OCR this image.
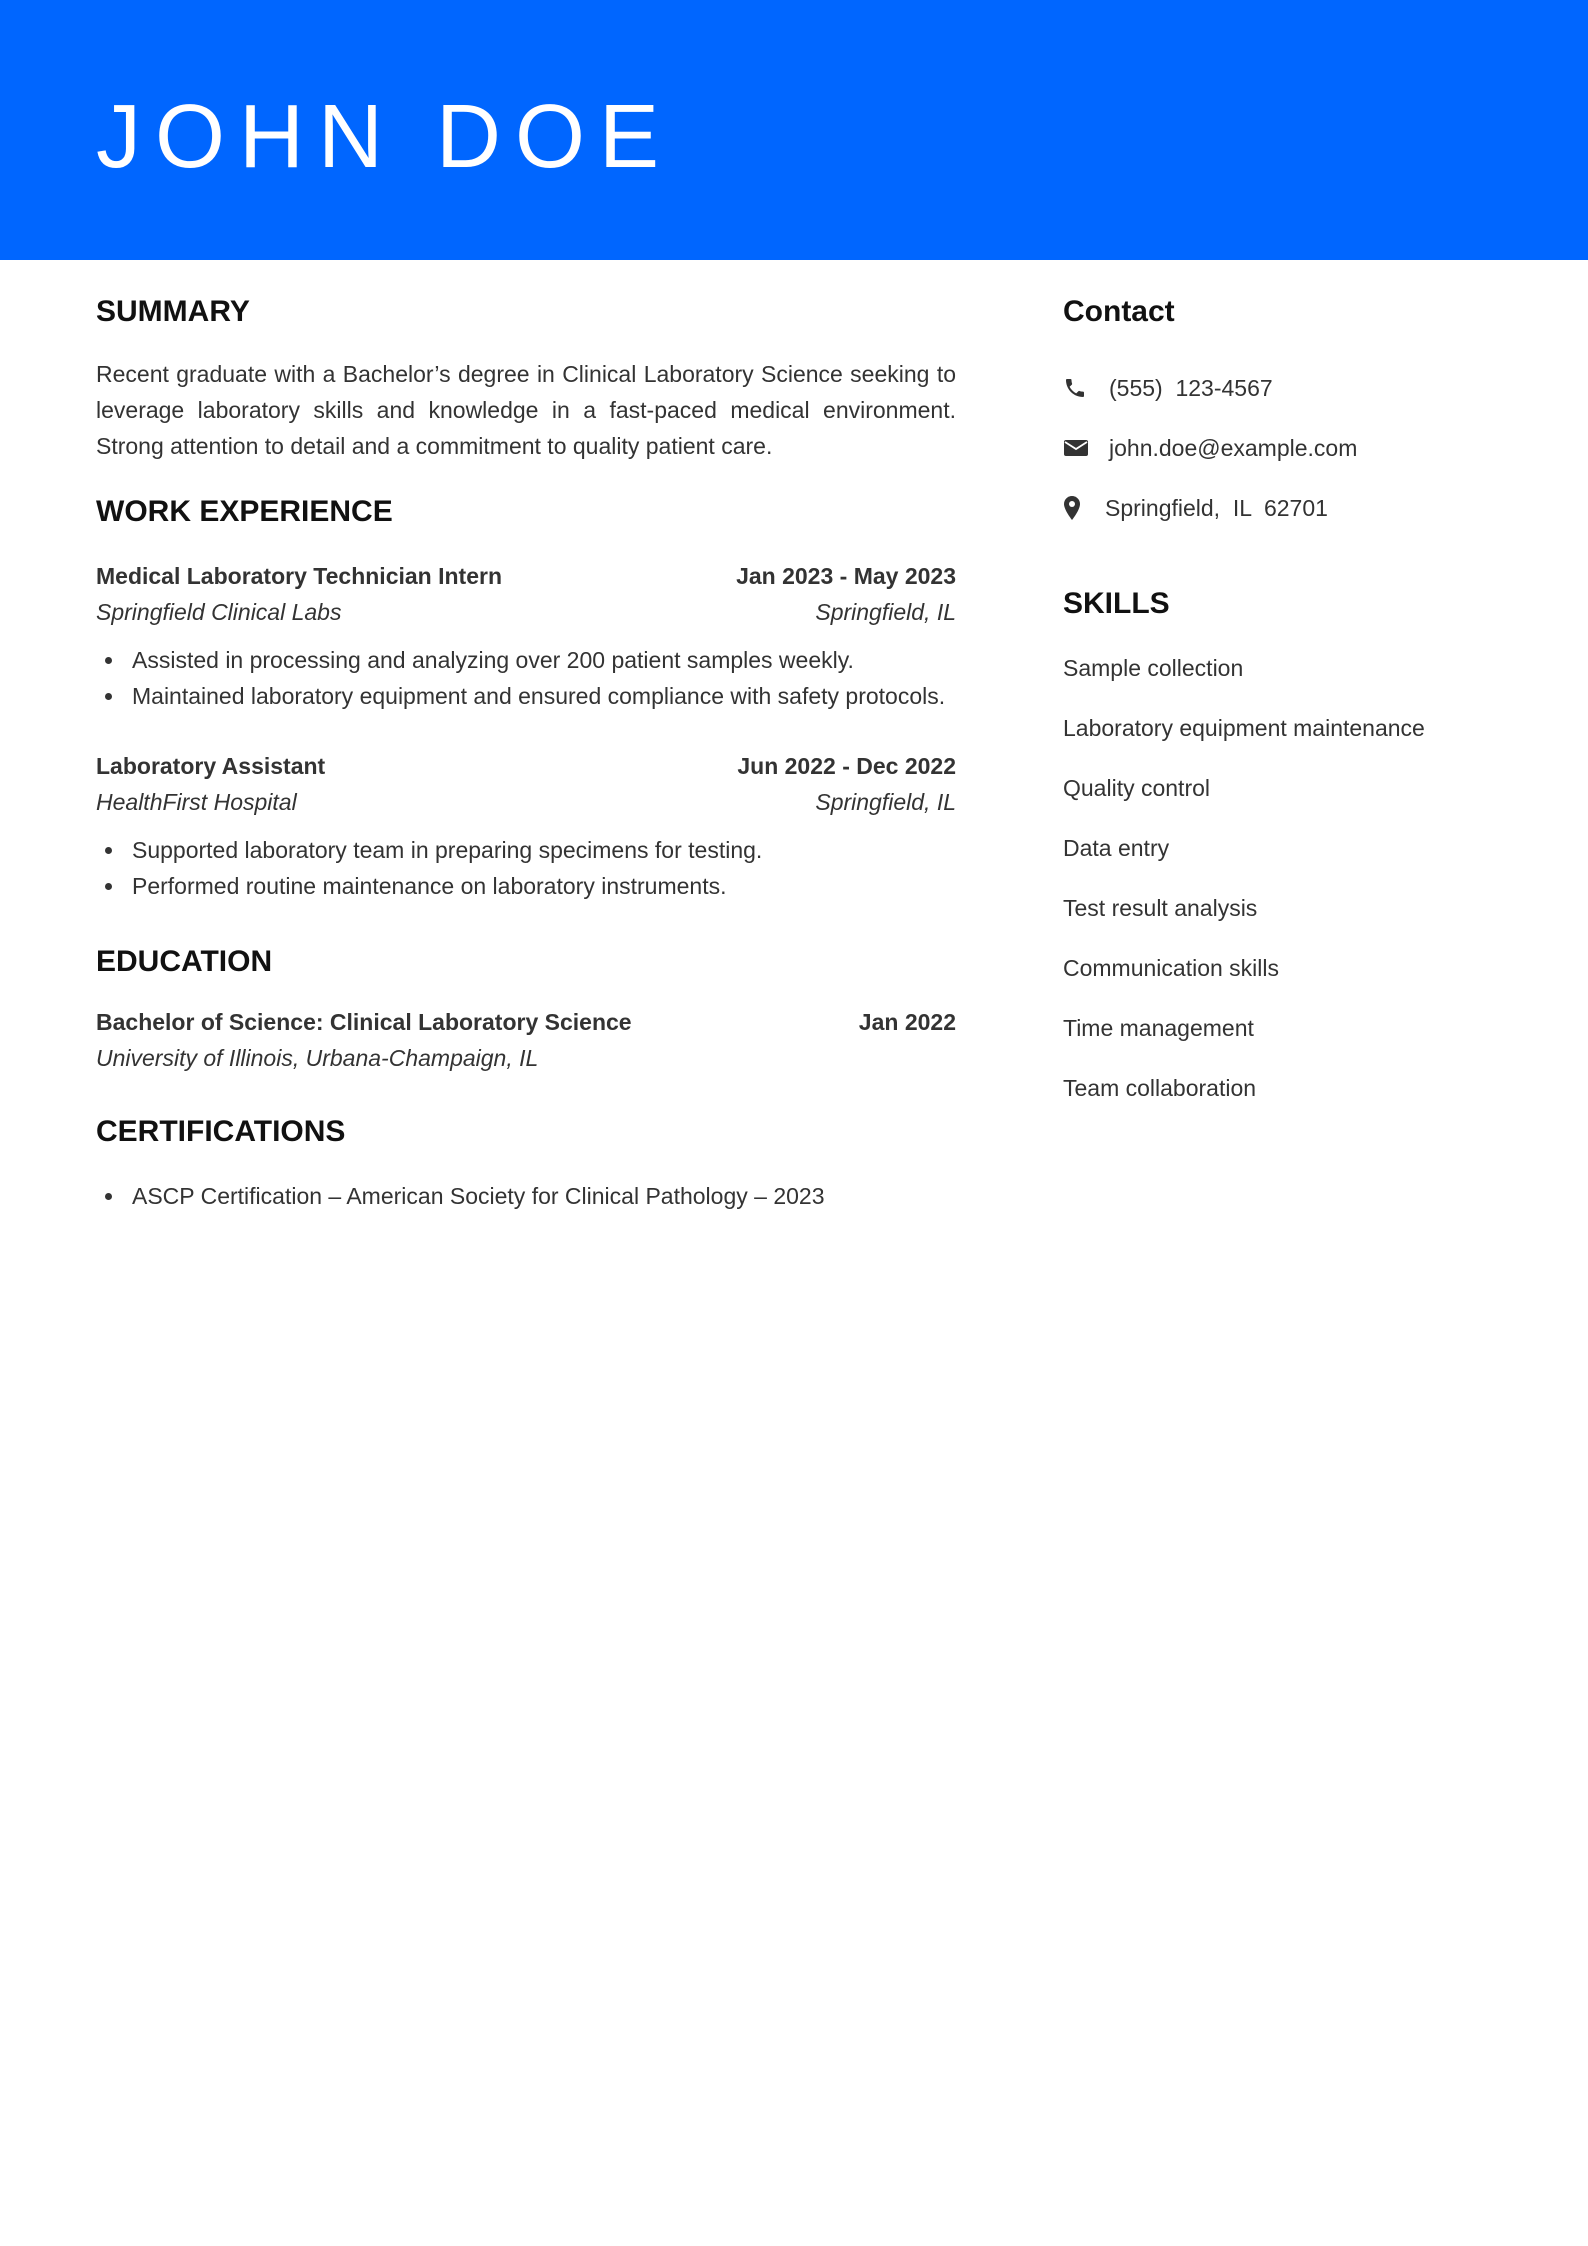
JOHN DOE
SUMMARY

Recent graduate with a Bachelor’s degree in Clinical Laboratory Science seeking to leverage laboratory skills and knowledge in a fast-paced medical environment. Strong attention to detail and a commitment to quality patient care.

WORK EXPERIENCE
Medical Laboratory Technician Intern	Jan 2023 - May 2023
Springfield Clinical Labs	Springfield, IL
Assisted in processing and analyzing over 200 patient samples weekly.
Maintained laboratory equipment and ensured compliance with safety protocols.
Laboratory Assistant	Jun 2022 - Dec 2022
HealthFirst Hospital	Springfield, IL
Supported laboratory team in preparing specimens for testing.
Performed routine maintenance on laboratory instruments.
EDUCATION
Bachelor of Science: Clinical Laboratory Science	Jan 2022
University of Illinois, Urbana-Champaign, IL
CERTIFICATIONS
ASCP Certification – American Society for Clinical Pathology – 2023
Contact
(555)  123-4567
john.doe@example.com
Springfield,  IL  62701
SKILLS
Sample collection
Laboratory equipment maintenance
Quality control
Data entry
Test result analysis
Communication skills
Time management
Team collaboration
